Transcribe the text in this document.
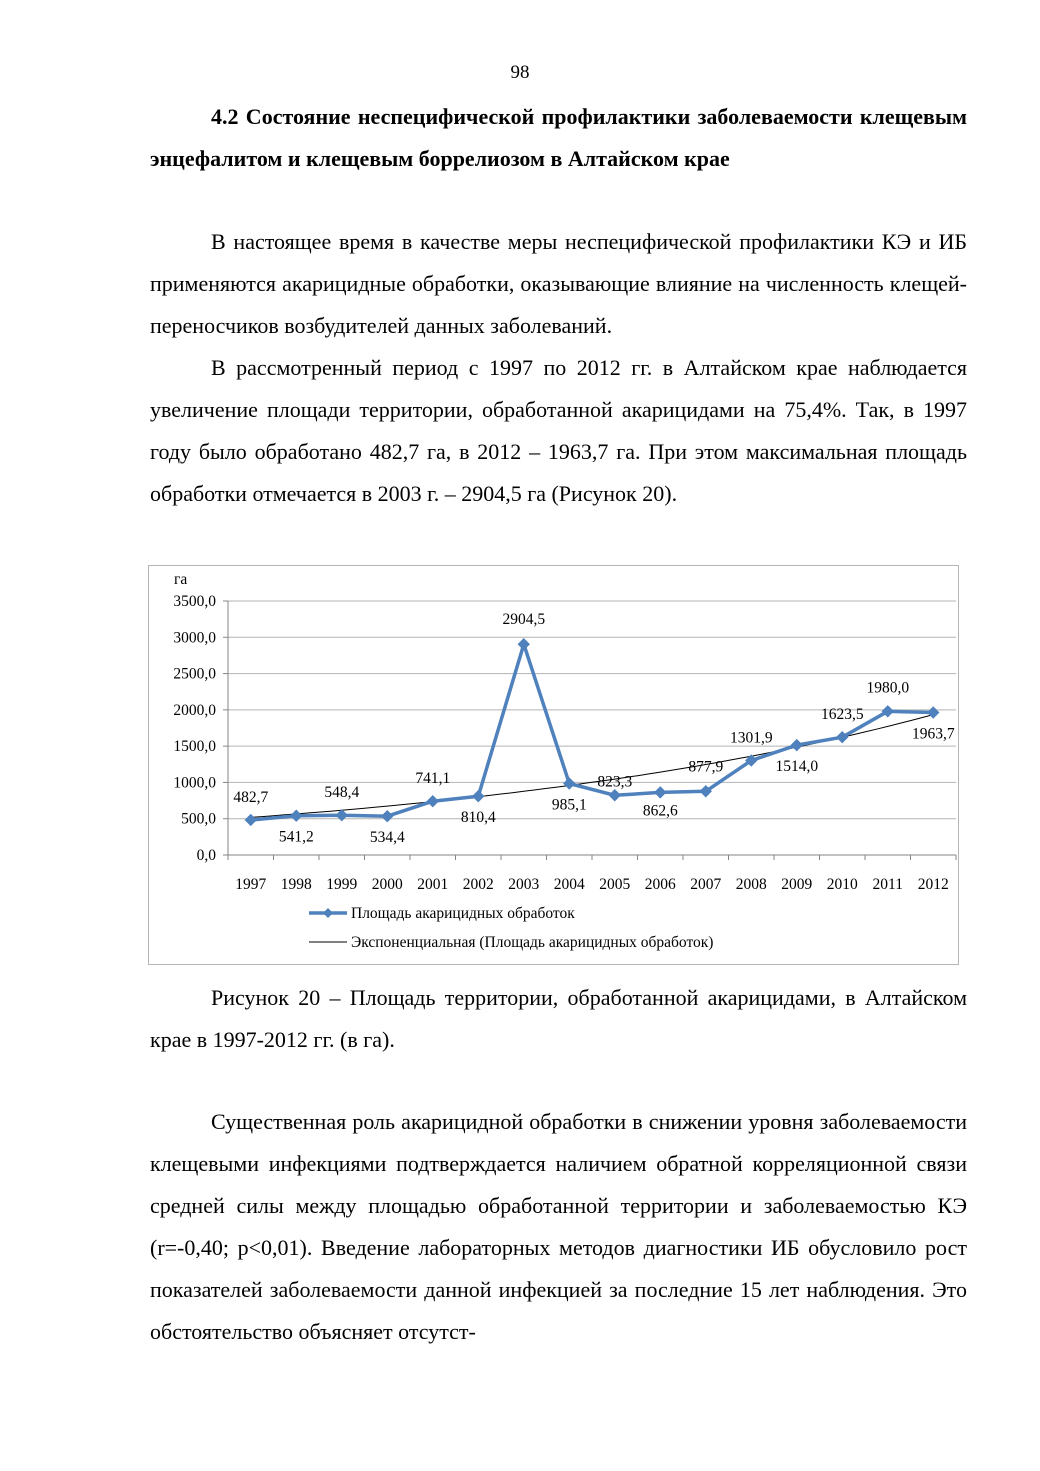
98
4.2 Состояние неспецифической профилактики заболеваемости клещевым энцефалитом и клещевым боррелиозом в Алтайском крае
В настоящее время в качестве меры неспецифической профилактики КЭ и ИБ применяются акарицидные обработки, оказывающие влияние на численность клещей-переносчиков возбудителей данных заболеваний.
В рассмотренный период с 1997 по 2012 гг. в Алтайском крае наблюдается увеличение площади территории, обработанной акарицидами на 75,4%. Так, в 1997 году было обработано 482,7 га, в 2012 – 1963,7 га. При этом максимальная площадь обработки отмечается в 2003 г. – 2904,5 га (Рисунок 20).
0,0
500,0
1000,0
1500,0
2000,0
2500,0
3000,0
3500,0
га
1997 1998 1999 2000 2001 2002 2003 2004 2005 2006 2007 2008 2009 2010 2011 2012
482,7
541,2
548,4
534,4
741,1
810,4
2904,5
985,1
823,3
862,6
877,9
1301,9
1514,0
1623,5
1980,0
1963,7
Площадь акарицидных обработок
Экспоненциальная (Площадь акарицидных обработок)
Рисунок 20 – Площадь территории, обработанной акарицидами, в Алтайском крае в 1997-2012 гг. (в га).
Существенная роль акарицидной обработки в снижении уровня заболеваемости клещевыми инфекциями подтверждается наличием обратной корреляционной связи средней силы между площадью обработанной территории и заболеваемостью КЭ (r=-0,40; p<0,01). Введение лабораторных методов диагностики ИБ обусловило рост показателей заболеваемости данной инфекцией за последние 15 лет наблюдения. Это обстоятельство объясняет отсутст-
